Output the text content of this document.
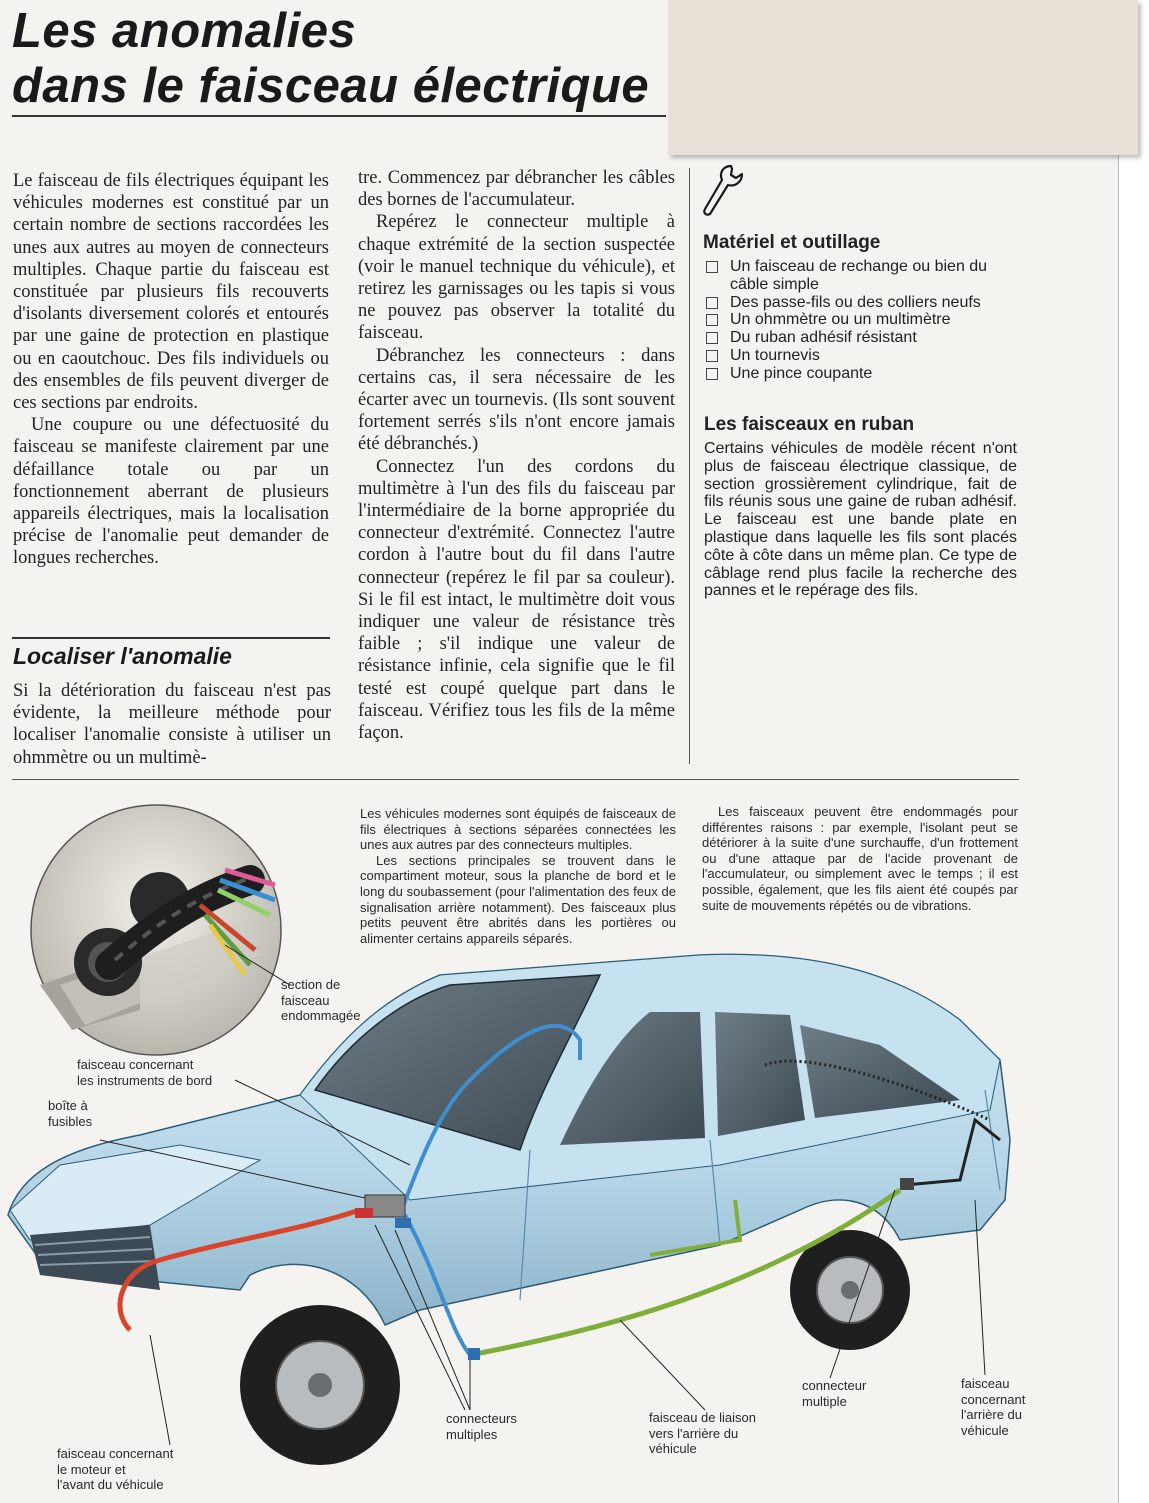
Les anomalies
dans le faisceau électrique

Le faisceau de fils électriques équipant les véhicules modernes est constitué par un certain nombre de sections raccordées les unes aux autres au moyen de connecteurs multiples. Chaque partie du faisceau est constituée par plusieurs fils recouverts d'isolants diversement colorés et entourés par une gaine de protection en plastique ou en caoutchouc. Des fils individuels ou des ensembles de fils peuvent diverger de ces sections par endroits.

Une coupure ou une défectuosité du faisceau se manifeste clairement par une défaillance totale ou par un fonctionnement aberrant de plusieurs appareils électriques, mais la localisation précise de l'anomalie peut demander de longues recherches.

Localiser l'anomalie

Si la détérioration du faisceau n'est pas évidente, la meilleure méthode pour localiser l'anomalie consiste à utiliser un ohmmètre ou un multimè-

tre. Commencez par débrancher les câbles des bornes de l'accumulateur.

Repérez le connecteur multiple à chaque extrémité de la section suspectée (voir le manuel technique du véhicule), et retirez les garnissages ou les tapis si vous ne pouvez pas observer la totalité du faisceau.

Débranchez les connecteurs : dans certains cas, il sera nécessaire de les écarter avec un tournevis. (Ils sont souvent fortement serrés s'ils n'ont encore jamais été débranchés.)

Connectez l'un des cordons du multimètre à l'un des fils du faisceau par l'intermédiaire de la borne appropriée du connecteur d'extrémité. Connectez l'autre cordon à l'autre bout du fil dans l'autre connecteur (repérez le fil par sa couleur). Si le fil est intact, le multimètre doit vous indiquer une valeur de résistance très faible ; s'il indique une valeur de résistance infinie, cela signifie que le fil testé est coupé quelque part dans le faisceau. Vérifiez tous les fils de la même façon.

Matériel et outillage
Un faisceau de rechange ou bien du câble simple
Des passe-fils ou des colliers neufs
Un ohmmètre ou un multimètre
Du ruban adhésif résistant
Un tournevis
Une pince coupante
Les faisceaux en ruban

Certains véhicules de modèle récent n'ont plus de faisceau électrique classique, de section grossièrement cylindrique, fait de fils réunis sous une gaine de ruban adhésif. Le faisceau est une bande plate en plastique dans laquelle les fils sont placés côte à côte dans un même plan. Ce type de câblage rend plus facile la recherche des pannes et le repérage des fils.

Les véhicules modernes sont équipés de faisceaux de fils électriques à sections séparées connectées les unes aux autres par des connecteurs multiples.
Les sections principales se trouvent dans le compartiment moteur, sous la planche de bord et le long du soubassement (pour l'alimentation des feux de signalisation arrière notamment). Des faisceaux plus petits peuvent être abrités dans les portières ou alimenter certains appareils séparés.

Les faisceaux peuvent être endommagés pour différentes raisons : par exemple, l'isolant peut se détériorer à la suite d'une surchauffe, d'un frottement ou d'une attaque par de l'acide provenant de l'accumulateur, ou simplement avec le temps ; il est possible, également, que les fils aient été coupés par suite de mouvements répétés ou de vibrations.

section de
faisceau
endommagée
faisceau concernant
les instruments de bord
boîte à
fusibles
connecteurs
multiples
faisceau concernant
le moteur et
l'avant du véhicule
faisceau de liaison
vers l'arrière du
véhicule
connecteur
multiple
faisceau
concernant
l'arrière du
véhicule
